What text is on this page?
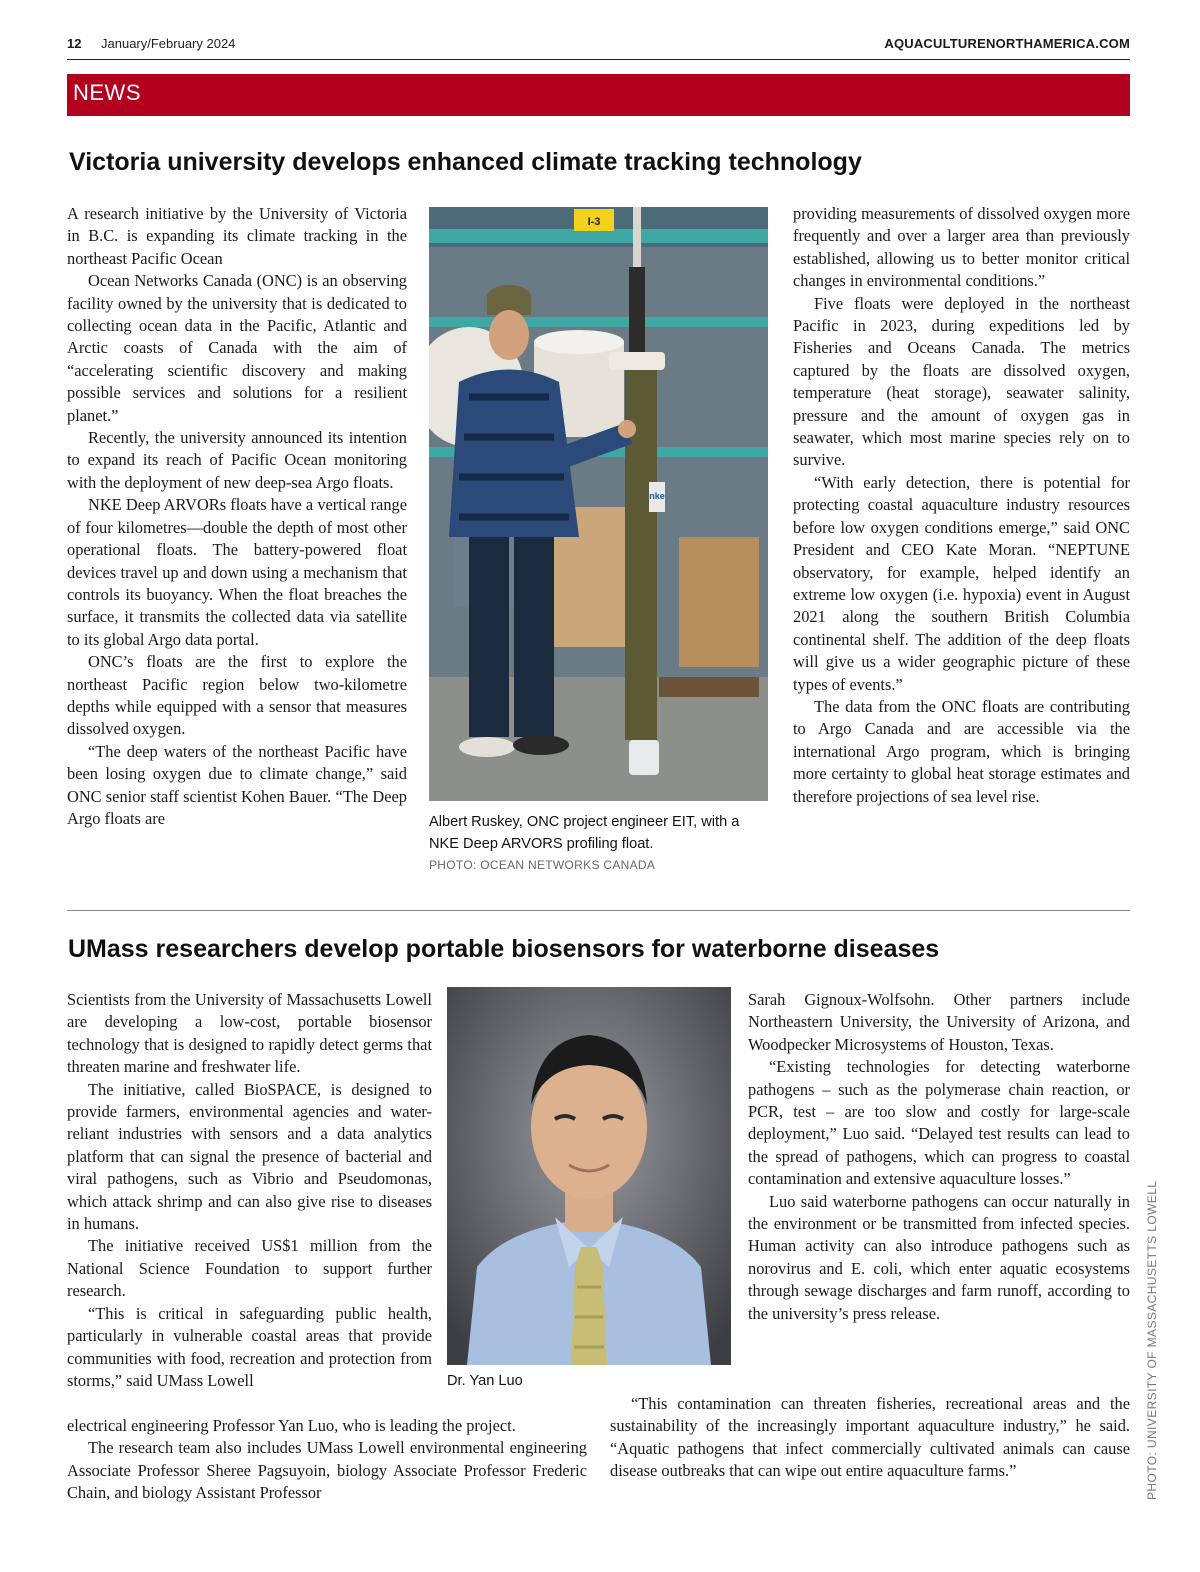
12 January/February 2024	AQUACULTURENORTHAMERICA.COM
NEWS
Victoria university develops enhanced climate tracking technology

A research initiative by the University of Victoria in B.C. is expanding its climate tracking in the northeast Pacific Ocean

Ocean Networks Canada (ONC) is an observing facility owned by the university that is dedicated to collecting ocean data in the Pacific, Atlantic and Arctic coasts of Canada with the aim of “accelerating scientific discovery and making possible services and solutions for a resilient planet.”

Recently, the university announced its intention to expand its reach of Pacific Ocean monitoring with the deployment of new deep-sea Argo floats.

NKE Deep ARVORs floats have a vertical range of four kilometres—double the depth of most other operational floats. The battery-powered float devices travel up and down using a mechanism that controls its buoyancy. When the float breaches the surface, it transmits the collected data via satellite to its global Argo data portal.

ONC’s floats are the first to explore the northeast Pacific region below two-kilometre depths while equipped with a sensor that measures dissolved oxygen.

“The deep waters of the northeast Pacific have been losing oxygen due to climate change,” said ONC senior staff scientist Kohen Bauer. “The Deep Argo floats are

I-3
nke
Albert Ruskey, ONC project engineer EIT, with a NKE Deep ARVORS profiling float.
PHOTO: OCEAN NETWORKS CANADA

providing measurements of dissolved oxygen more frequently and over a larger area than previously established, allowing us to better monitor critical changes in environmental conditions.”

Five floats were deployed in the northeast Pacific in 2023, during expeditions led by Fisheries and Oceans Canada. The metrics captured by the floats are dissolved oxygen, temperature (heat storage), seawater salinity, pressure and the amount of oxygen gas in seawater, which most marine species rely on to survive.

“With early detection, there is potential for protecting coastal aquaculture industry resources before low oxygen conditions emerge,” said ONC President and CEO Kate Moran. “NEPTUNE observatory, for example, helped identify an extreme low oxygen (i.e. hypoxia) event in August 2021 along the southern British Columbia continental shelf. The addition of the deep floats will give us a wider geographic picture of these types of events.”

The data from the ONC floats are contributing to Argo Canada and are accessible via the international Argo program, which is bringing more certainty to global heat storage estimates and therefore projections of sea level rise.

UMass researchers develop portable biosensors for waterborne diseases

Scientists from the University of Massachusetts Lowell are developing a low-cost, portable biosensor technology that is designed to rapidly detect germs that threaten marine and freshwater life.

The initiative, called BioSPACE, is designed to provide farmers, environmental agencies and water-reliant industries with sensors and a data analytics platform that can signal the presence of bacterial and viral pathogens, such as Vibrio and Pseudomonas, which attack shrimp and can also give rise to diseases in humans.

The initiative received US$1 million from the National Science Foundation to support further research.

“This is critical in safeguarding public health, particularly in vulnerable coastal areas that provide communities with food, recreation and protection from storms,” said UMass Lowell	Dr. Yan Luo

Sarah Gignoux-Wolfsohn. Other partners include Northeastern University, the University of Arizona, and Woodpecker Microsystems of Houston, Texas.

“Existing technologies for detecting waterborne pathogens – such as the polymerase chain reaction, or PCR, test – are too slow and costly for large-scale deployment,” Luo said. “Delayed test results can lead to the spread of pathogens, which can progress to coastal contamination and extensive aquaculture losses.”

Luo said waterborne pathogens can occur naturally in the environment or be transmitted from infected species. Human activity can also introduce pathogens such as norovirus and E. coli, which enter aquatic ecosystems through sewage discharges and farm runoff, according to the university’s press release.

electrical engineering Professor Yan Luo, who is leading the project.

The research team also includes UMass Lowell environmental engineering Associate Professor Sheree Pagsuyoin, biology Associate Professor Frederic Chain, and biology Assistant Professor

“This contamination can threaten fisheries, recreational areas and the sustainability of the increasingly important aquaculture industry,” he said. “Aquatic pathogens that infect commercially cultivated animals can cause disease outbreaks that can wipe out entire aquaculture farms.”	PHOTO: UNIVERSITY OF MASSACHUSETTS LOWELL
